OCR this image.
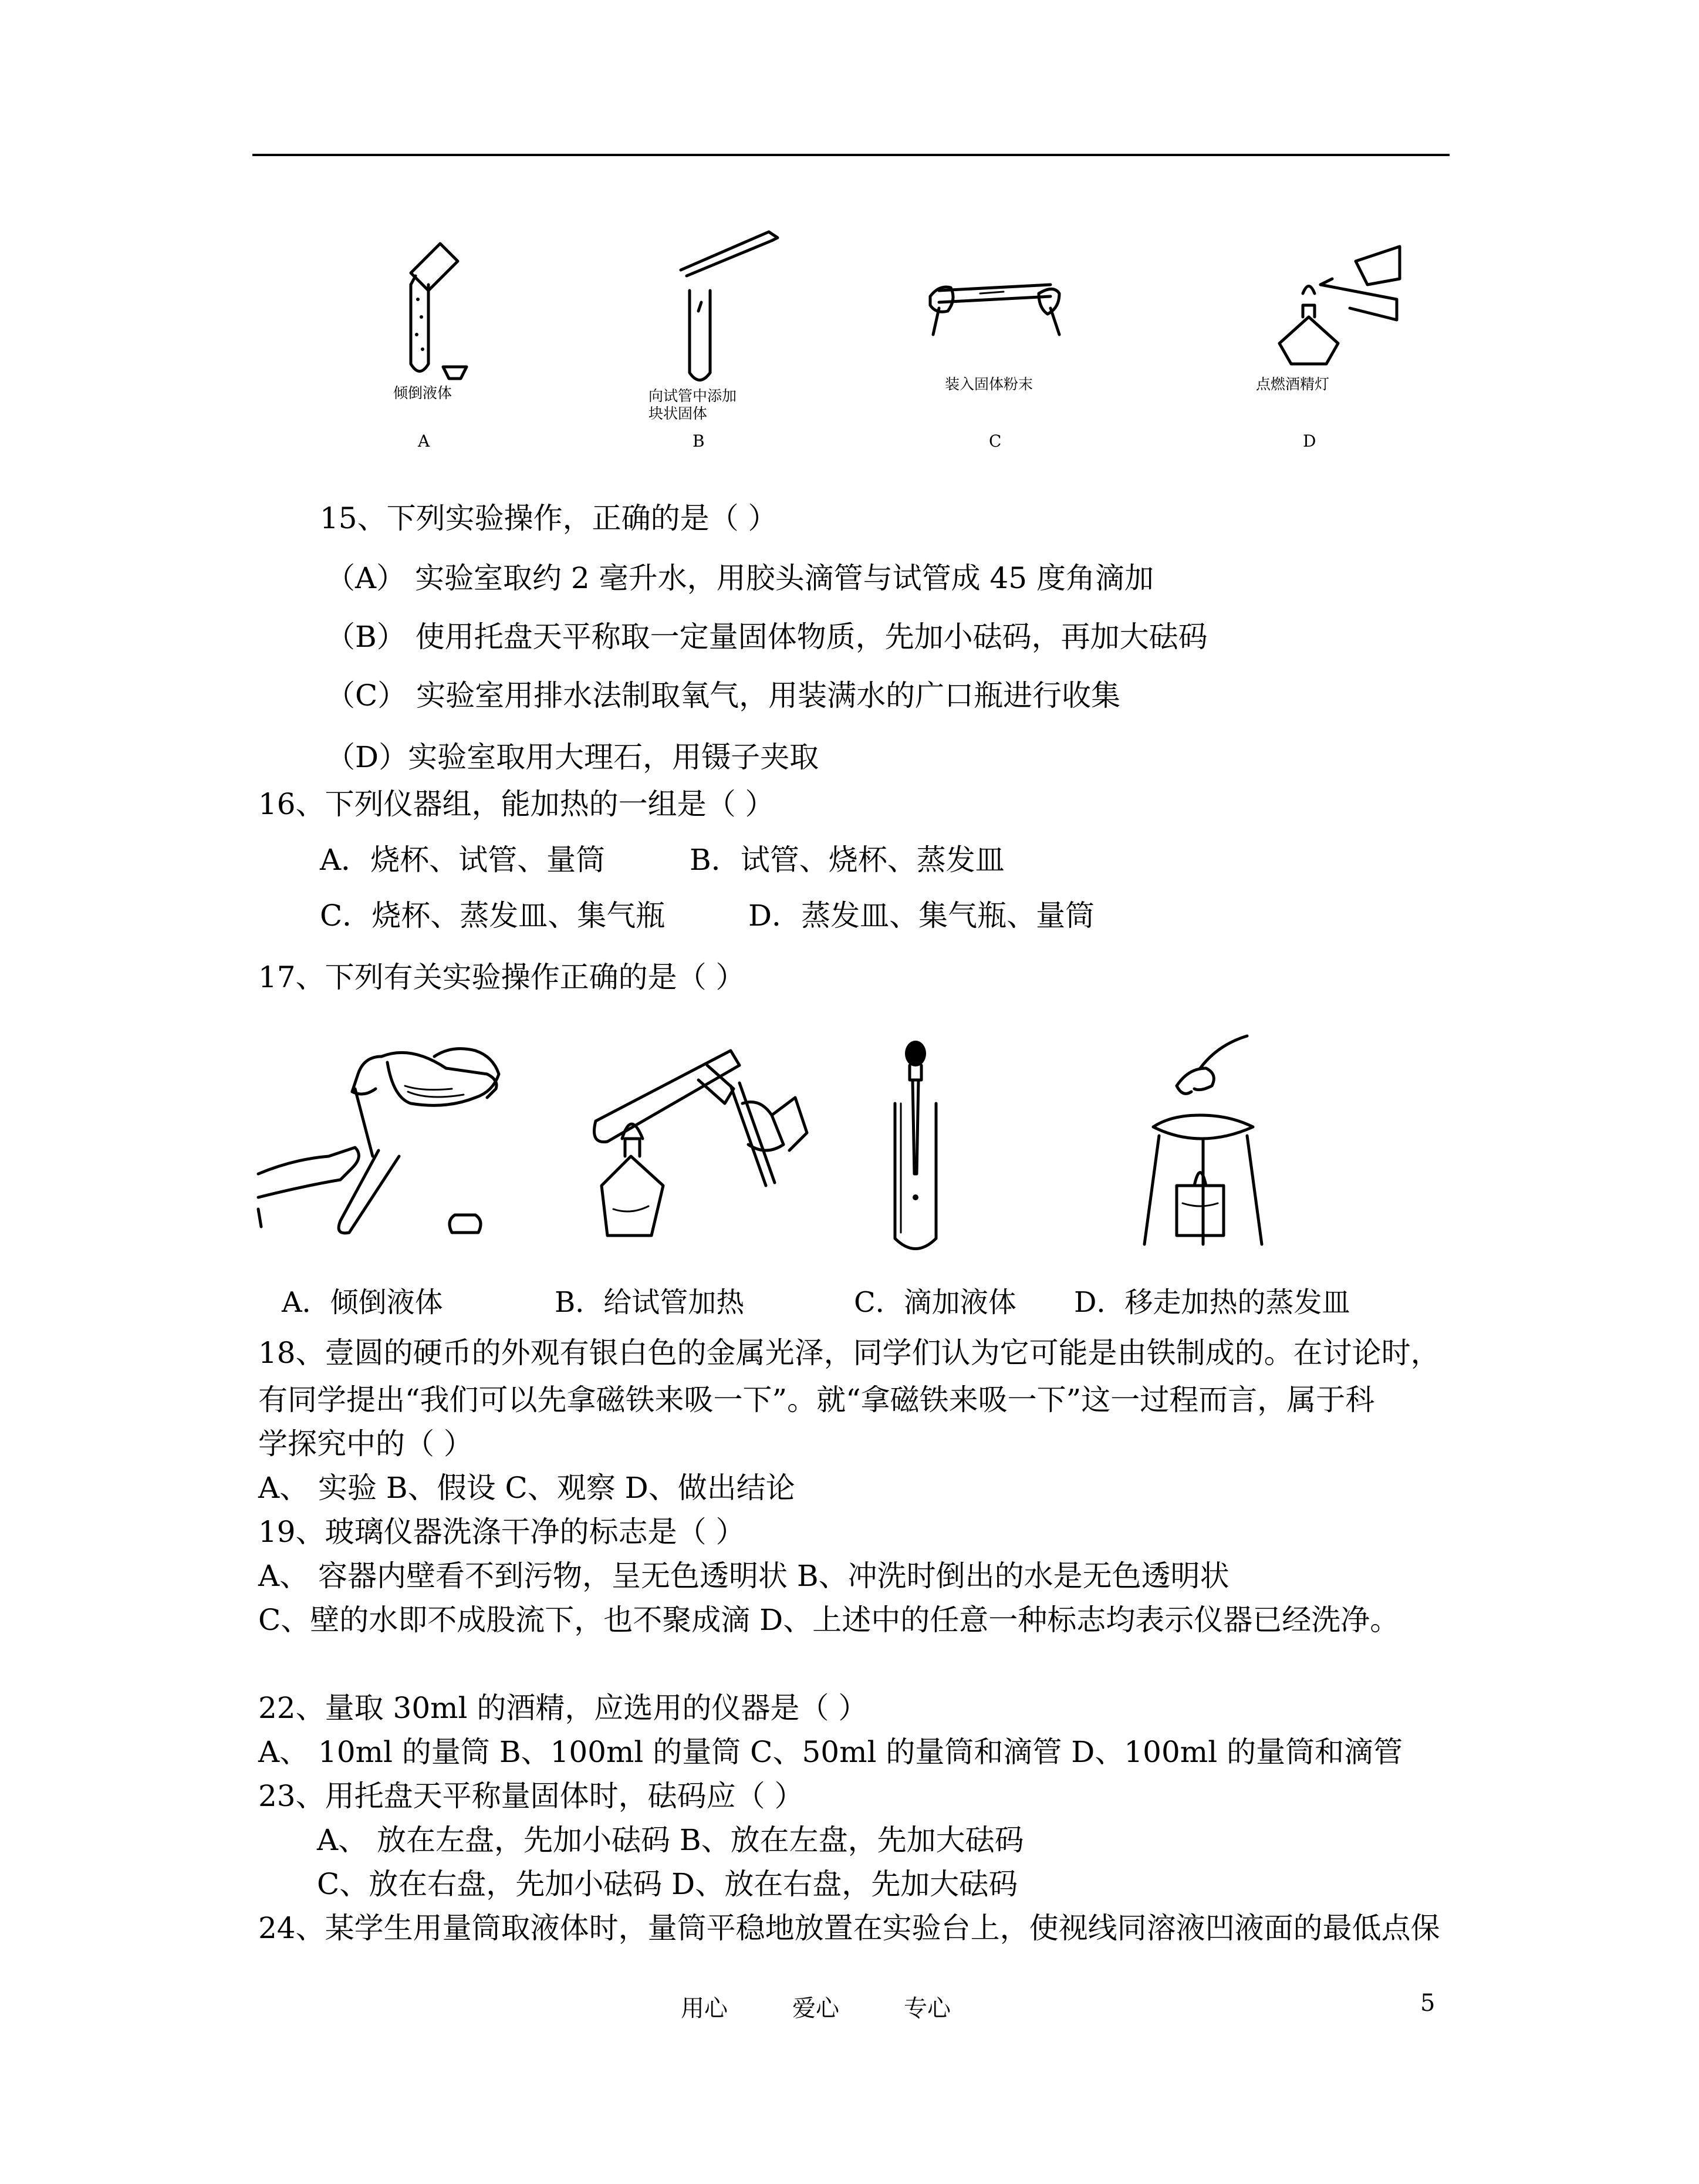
倾倒液体	向试管中添加
块状固体
装入固体粉末	点燃酒精灯
A	B	C	D
15、下列实验操作，正确的是（ ）
（A） 实验室取约 2 毫升水，用胶头滴管与试管成 45 度角滴加
（B） 使用托盘天平称取一定量固体物质，先加小砝码，再加大砝码
（C） 实验室用排水法制取氧气，用装满水的广口瓶进行收集
（D）实验室取用大理石，用镊子夹取
16、下列仪器组，能加热的一组是（ ）
A．烧杯、试管、量筒	B．试管、烧杯、蒸发皿
C．烧杯、蒸发皿、集气瓶	D．蒸发皿、集气瓶、量筒
17、下列有关实验操作正确的是（ ）
A．倾倒液体	B．给试管加热	C．滴加液体 D．移走加热的蒸发皿
18、壹圆的硬币的外观有银白色的金属光泽，同学们认为它可能是由铁制成的。在讨论时，
有同学提出“我们可以先拿磁铁来吸一下”。就“拿磁铁来吸一下”这一过程而言，属于科
学探究中的（ ）
A、 实验 B、假设 C、观察 D、做出结论
19、玻璃仪器洗涤干净的标志是（ ）
A、 容器内壁看不到污物，呈无色透明状 B、冲洗时倒出的水是无色透明状
C、壁的水即不成股流下，也不聚成滴 D、上述中的任意一种标志均表示仪器已经洗净。
22、量取 30ml 的酒精，应选用的仪器是（ ）
A、 10ml 的量筒 B、100ml 的量筒 C、50ml 的量筒和滴管 D、100ml 的量筒和滴管
23、用托盘天平称量固体时，砝码应（ ）
A、 放在左盘，先加小砝码 B、放在左盘，先加大砝码
C、放在右盘，先加小砝码 D、放在右盘，先加大砝码
24、某学生用量筒取液体时，量筒平稳地放置在实验台上，使视线同溶液凹液面的最低点保
用心	爱心	专心	5
